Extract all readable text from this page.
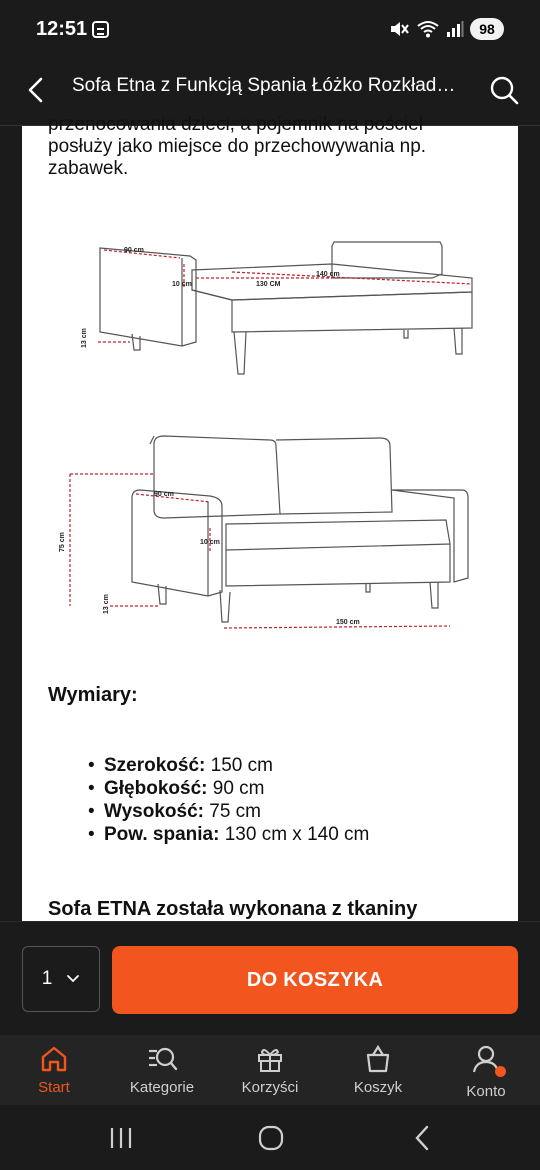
12:51	98
Sofa Etna z Funkcją Spania Łóżko Rozkład…
przenocowania dzieci, a pojemnik na pościel
posłuży jako miejsce do przechowywania np.
zabawek.
90 cm
140 cm
130 CM
10 cm
13 cm
75 cm
90 cm
10 cm
13 cm
150 cm
Wymiary:
• Szerokość: 150 cm
• Głębokość: 90 cm
• Wysokość: 75 cm
• Pow. spania: 130 cm x 140 cm
Sofa ETNA została wykonana z tkaniny
1	DO KOSZYKA
Start	Kategorie	Korzyści	Koszyk	Konto
